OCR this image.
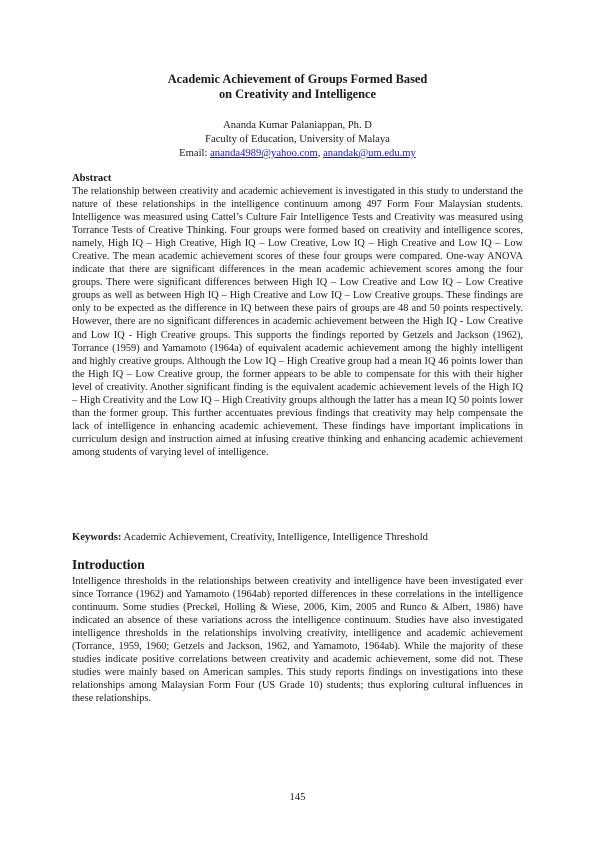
Academic Achievement of Groups Formed Based
on Creativity and Intelligence
Ananda Kumar Palaniappan, Ph. D
Faculty of Education, University of Malaya
Email: ananda4989@yahoo.com, anandak@um.edu.my
Abstract

The relationship between creativity and academic achievement is investigated in this study to understand the nature of these relationships in the intelligence continuum among 497 Form Four Malaysian students. Intelligence was measured using Cattel’s Culture Fair Intelligence Tests and Creativity was measured using Torrance Tests of Creative Thinking. Four groups were formed based on creativity and intelligence scores, namely, High IQ – High Creative, High IQ – Low Creative, Low IQ – High Creative and Low IQ – Low Creative. The mean academic achievement scores of these four groups were compared. One-way ANOVA indicate that there are significant differences in the mean academic achievement scores among the four groups. There were significant differences between High IQ – Low Creative and Low IQ – Low Creative groups as well as between High IQ – High Creative and Low IQ – Low Creative groups. These findings are only to be expected as the difference in IQ between these pairs of groups are 48 and 50 points respectively. However, there are no significant differences in academic achievement between the High IQ - Low Creative and Low IQ - High Creative groups. This supports the findings reported by Getzels and Jackson (1962), Torrance (1959) and Yamamoto (1964a) of equivalent academic achievement among the highly intelligent and highly creative groups. Although the Low IQ – High Creative group had a mean IQ 46 points lower than the High IQ – Low Creative group, the former appears to be able to compensate for this with their higher level of creativity. Another significant finding is the equivalent academic achievement levels of the High IQ – High Creativity and the Low IQ – High Creativity groups although the latter has a mean IQ 50 points lower than the former group. This further accentuates previous findings that creativity may help compensate the lack of intelligence in enhancing academic achievement. These findings have important implications in curriculum design and instruction aimed at infusing creative thinking and enhancing academic achievement among students of varying level of intelligence.

Keywords: Academic Achievement, Creativity, Intelligence, Intelligence Threshold
Introduction

Intelligence thresholds in the relationships between creativity and intelligence have been investigated ever since Torrance (1962) and Yamamoto (1964ab) reported differences in these correlations in the intelligence continuum. Some studies (Preckel, Holling & Wiese, 2006, Kim, 2005 and Runco & Albert, 1986) have indicated an absence of these variations across the intelligence continuum. Studies have also investigated intelligence thresholds in the relationships involving creativity, intelligence and academic achievement (Torrance, 1959, 1960; Getzels and Jackson, 1962, and Yamamoto, 1964ab). While the majority of these studies indicate positive correlations between creativity and academic achievement, some did not. These studies were mainly based on American samples. This study reports findings on investigations into these relationships among Malaysian Form Four (US Grade 10) students; thus exploring cultural influences in these relationships.

145
